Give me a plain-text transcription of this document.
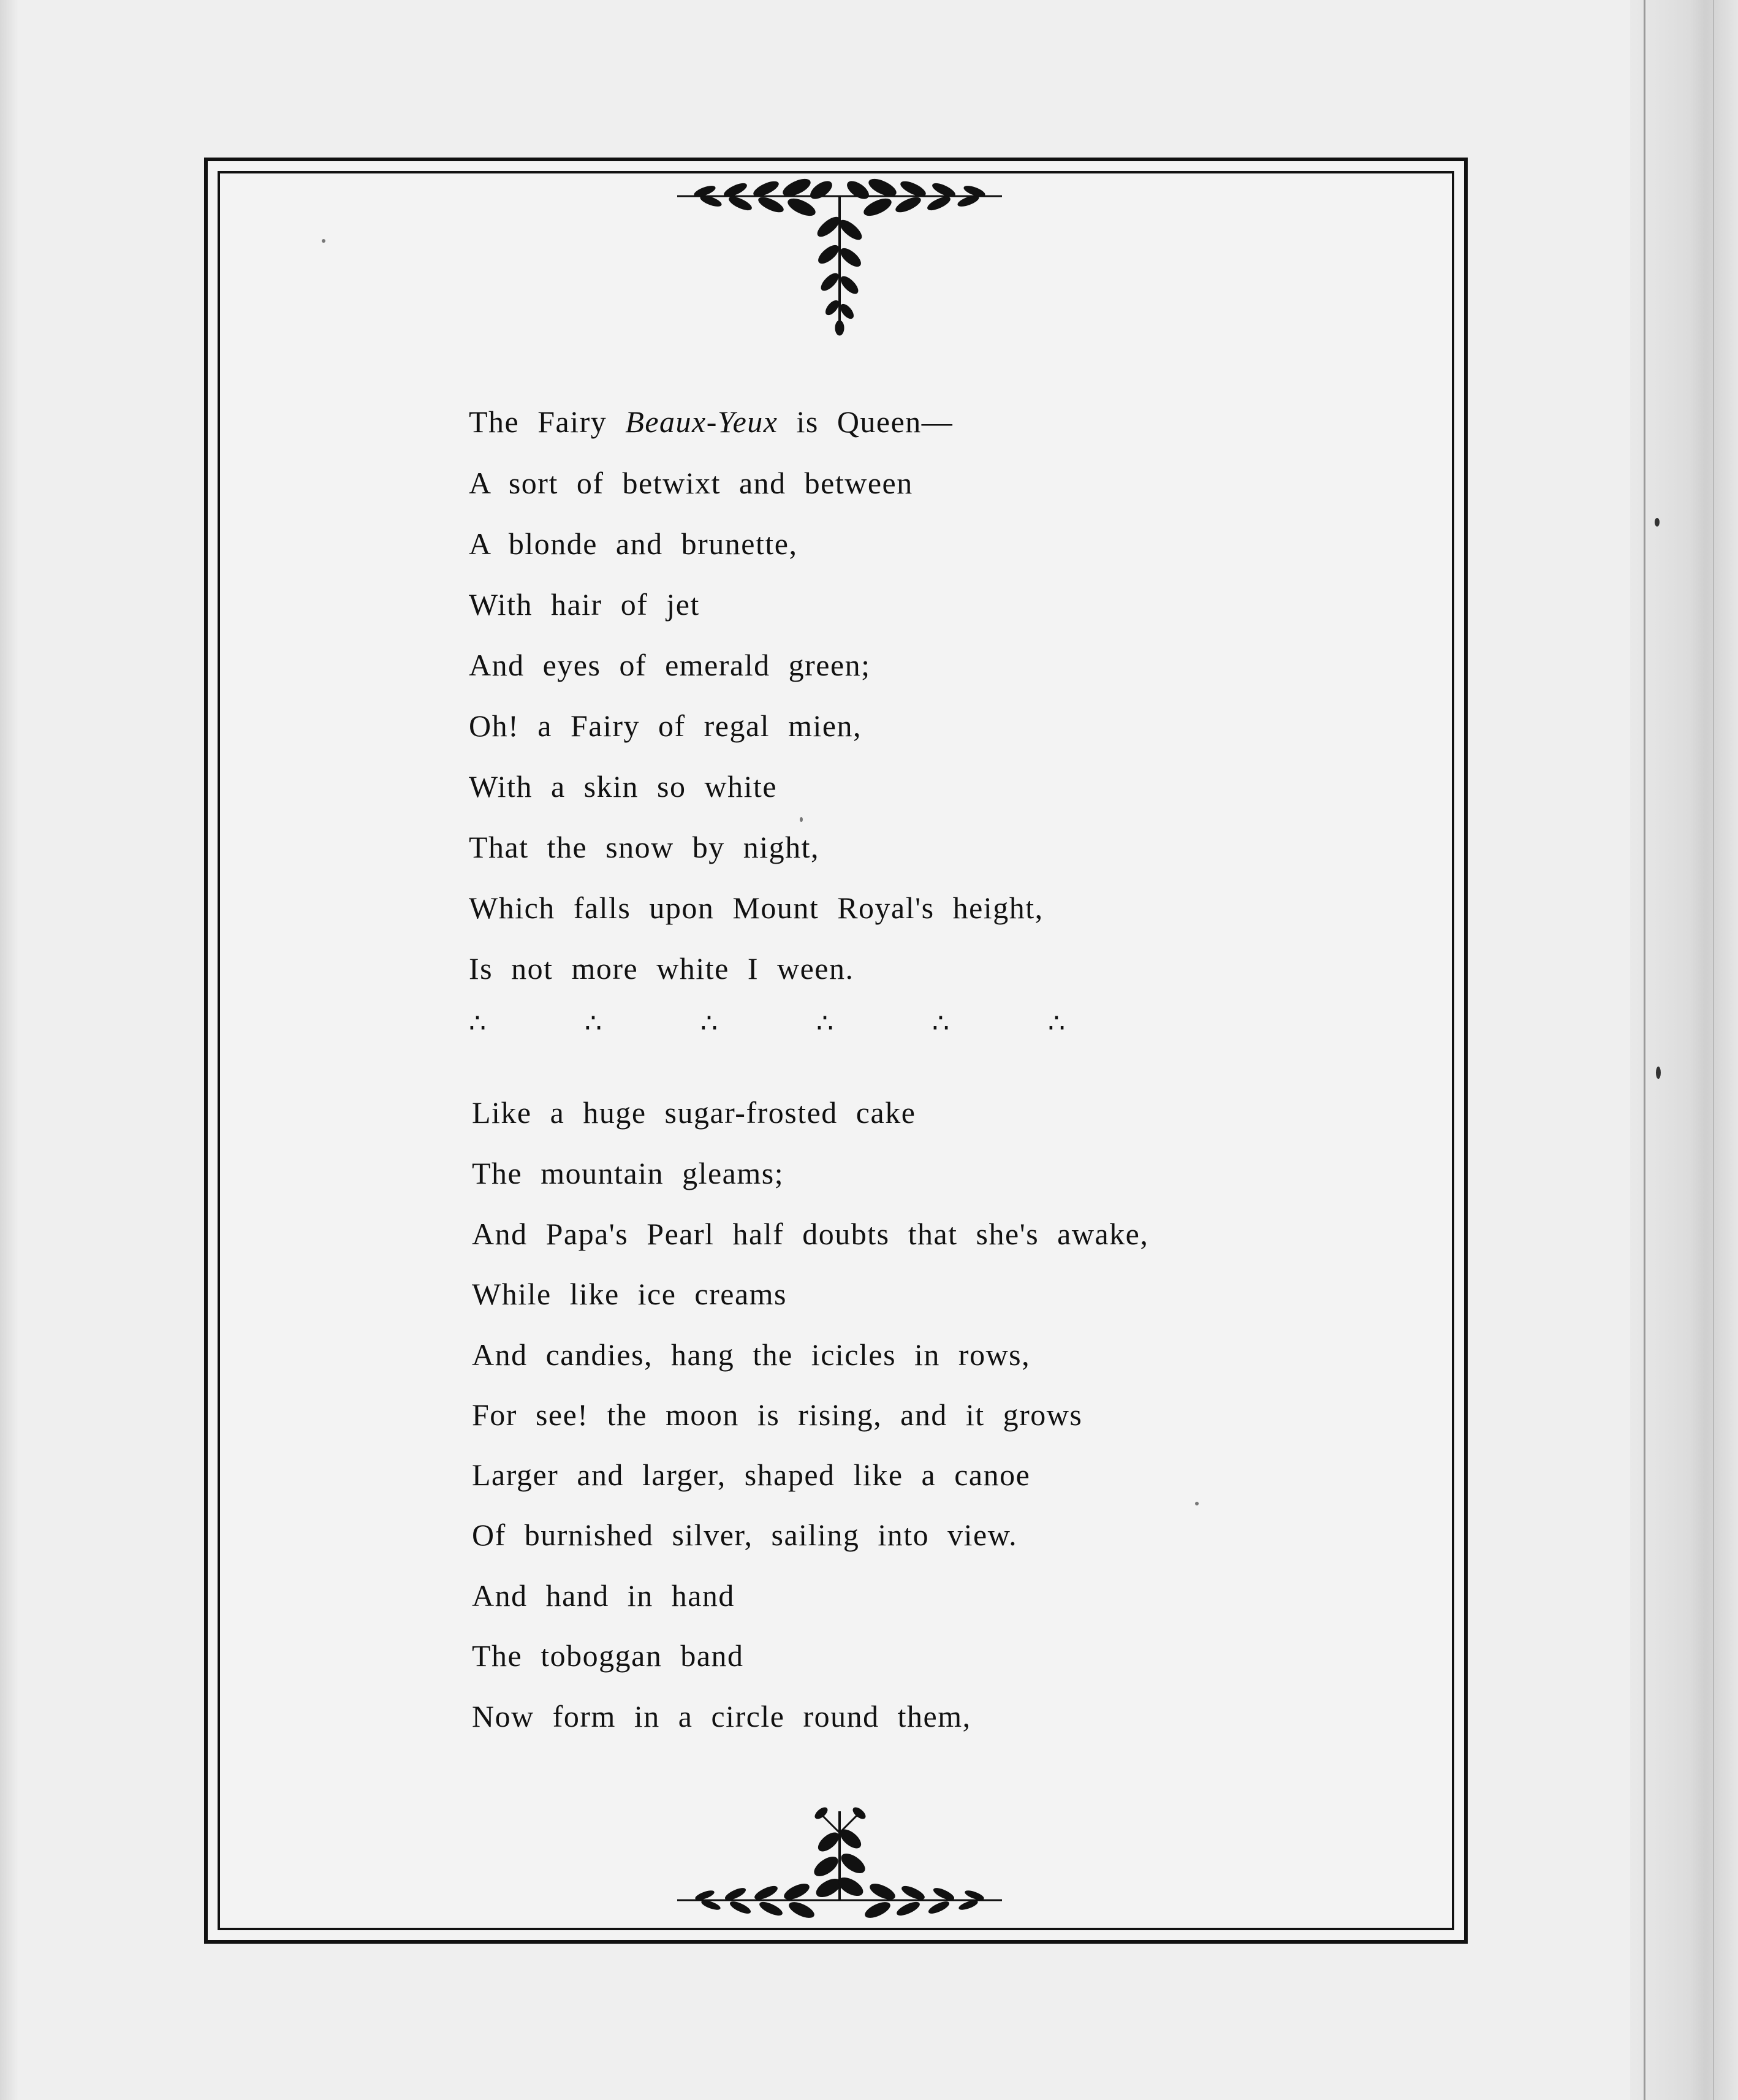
The Fairy Beaux-Yeux is Queen—
A sort of betwixt and between
A blonde and brunette,
With hair of jet
And eyes of emerald green;
Oh! a Fairy of regal mien,
With a skin so white
That the snow by night,
Which falls upon Mount Royal's height,
Is not more white I ween.
∴ ∴ ∴ ∴ ∴ ∴
Like a huge sugar-frosted cake
The mountain gleams;
And Papa's Pearl half doubts that she's awake,
While like ice creams
And candies, hang the icicles in rows,
For see! the moon is rising, and it grows
Larger and larger, shaped like a canoe
Of burnished silver, sailing into view.
And hand in hand
The toboggan band
Now form in a circle round them,
